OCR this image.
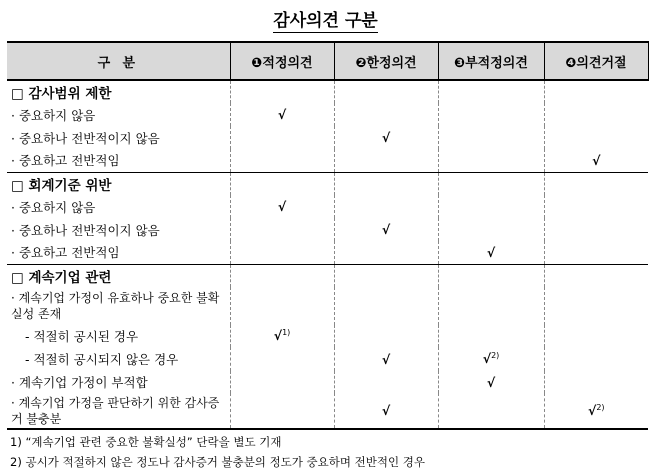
감사의견 구분
구 분	❶적정의견	❷한정의견	❸부적정의견	❹의견거절
□ 감사범위 제한				
· 중요하지 않음	√			
· 중요하나 전반적이지 않음		√		
· 중요하고 전반적임				√
□ 회계기준 위반				
· 중요하지 않음	√			
· 중요하나 전반적이지 않음		√		
· 중요하고 전반적임			√	
□ 계속기업 관련				
· 계속기업 가정이 유효하나 중요한 불확실성 존재				
- 적절히 공시된 경우	√$^{1)}$			
- 적절히 공시되지 않은 경우		√	√$^{2)}$	
· 계속기업 가정이 부적합			√	
· 계속기업 가정을 판단하기 위한 감사증거 불충분		√		√$^{2)}$
1) “계속기업 관련 중요한 불확실성” 단락을 별도 기재
2) 공시가 적절하지 않은 정도나 감사증거 불충분의 정도가 중요하며 전반적인 경우
